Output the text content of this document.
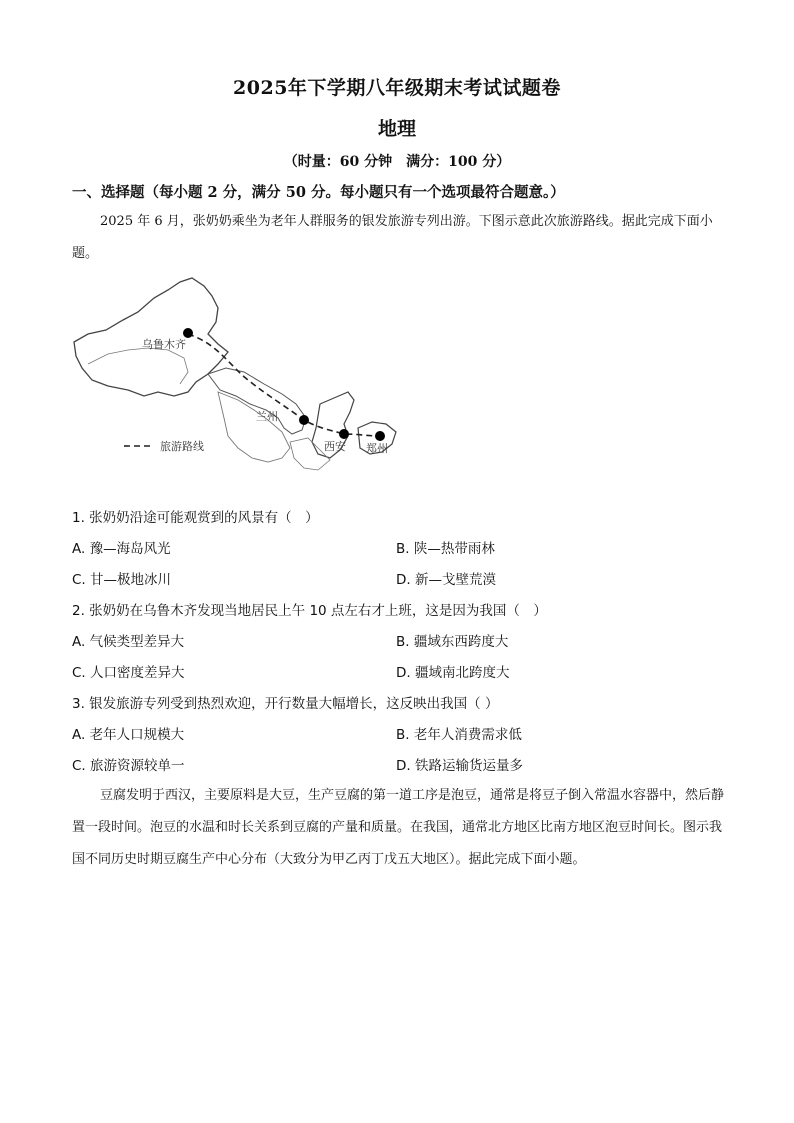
2025年下学期八年级期末考试试题卷
地理
（时量：60 分钟　满分：100 分）
一、选择题（每小题 2 分，满分 50 分。每小题只有一个选项最符合题意。）
2025 年 6 月，张奶奶乘坐为老年人群服务的银发旅游专列出游。下图示意此次旅游路线。据此完成下面小题。
乌鲁木齐
兰州
西安 郑州
旅游路线
1. 张奶奶沿途可能观赏到的风景有（　）
A. 豫—海岛风光	B. 陕—热带雨林
C. 甘—极地冰川	D. 新—戈壁荒漠
2. 张奶奶在乌鲁木齐发现当地居民上午 10 点左右才上班，这是因为我国（　）
A. 气候类型差异大	B. 疆域东西跨度大
C. 人口密度差异大	D. 疆域南北跨度大
3. 银发旅游专列受到热烈欢迎，开行数量大幅增长，这反映出我国（ ）
A. 老年人口规模大	B. 老年人消费需求低
C. 旅游资源较单一	D. 铁路运输货运量多
豆腐发明于西汉，主要原料是大豆，生产豆腐的第一道工序是泡豆，通常是将豆子倒入常温水容器中，然后静置一段时间。泡豆的水温和时长关系到豆腐的产量和质量。在我国，通常北方地区比南方地区泡豆时间长。图示我国不同历史时期豆腐生产中心分布（大致分为甲乙丙丁戊五大地区）。据此完成下面小题。
